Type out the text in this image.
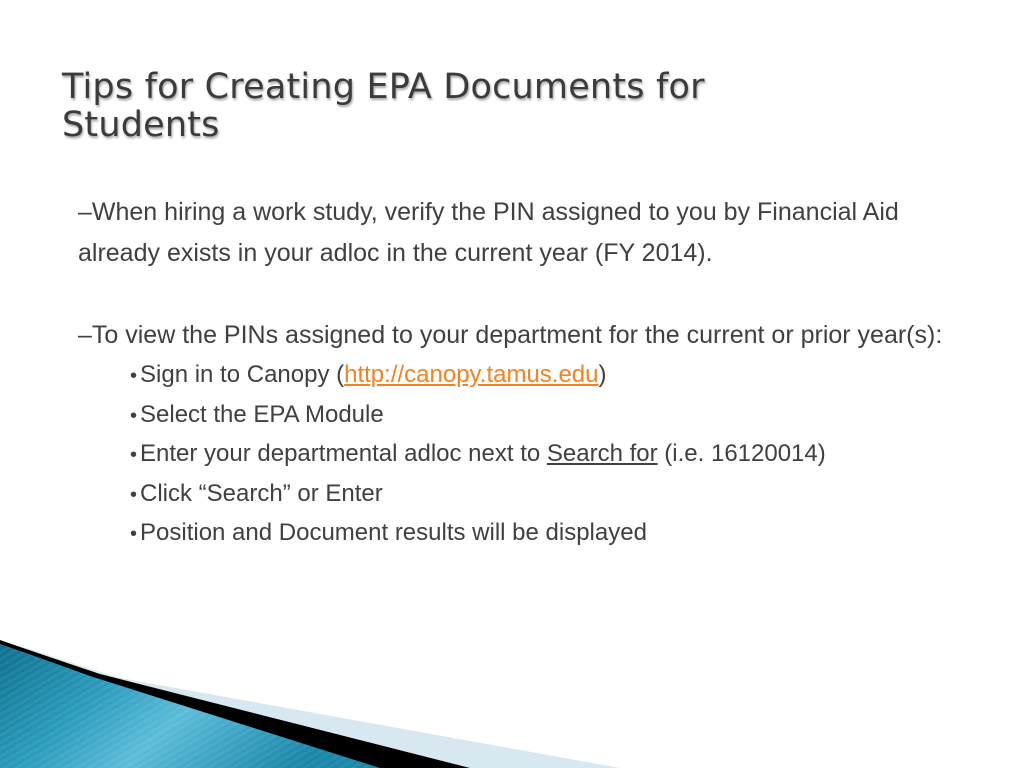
Tips for Creating EPA Documents for Students

–When hiring a work study, verify the PIN assigned to you by Financial Aid already exists in your adloc in the current year (FY 2014).

–To view the PINs assigned to your department for the current or prior year(s):

• Sign in to Canopy (http://canopy.tamus.edu)
• Select the EPA Module
• Enter your departmental adloc next to Search for (i.e. 16120014)
• Click “Search” or Enter
• Position and Document results will be displayed
